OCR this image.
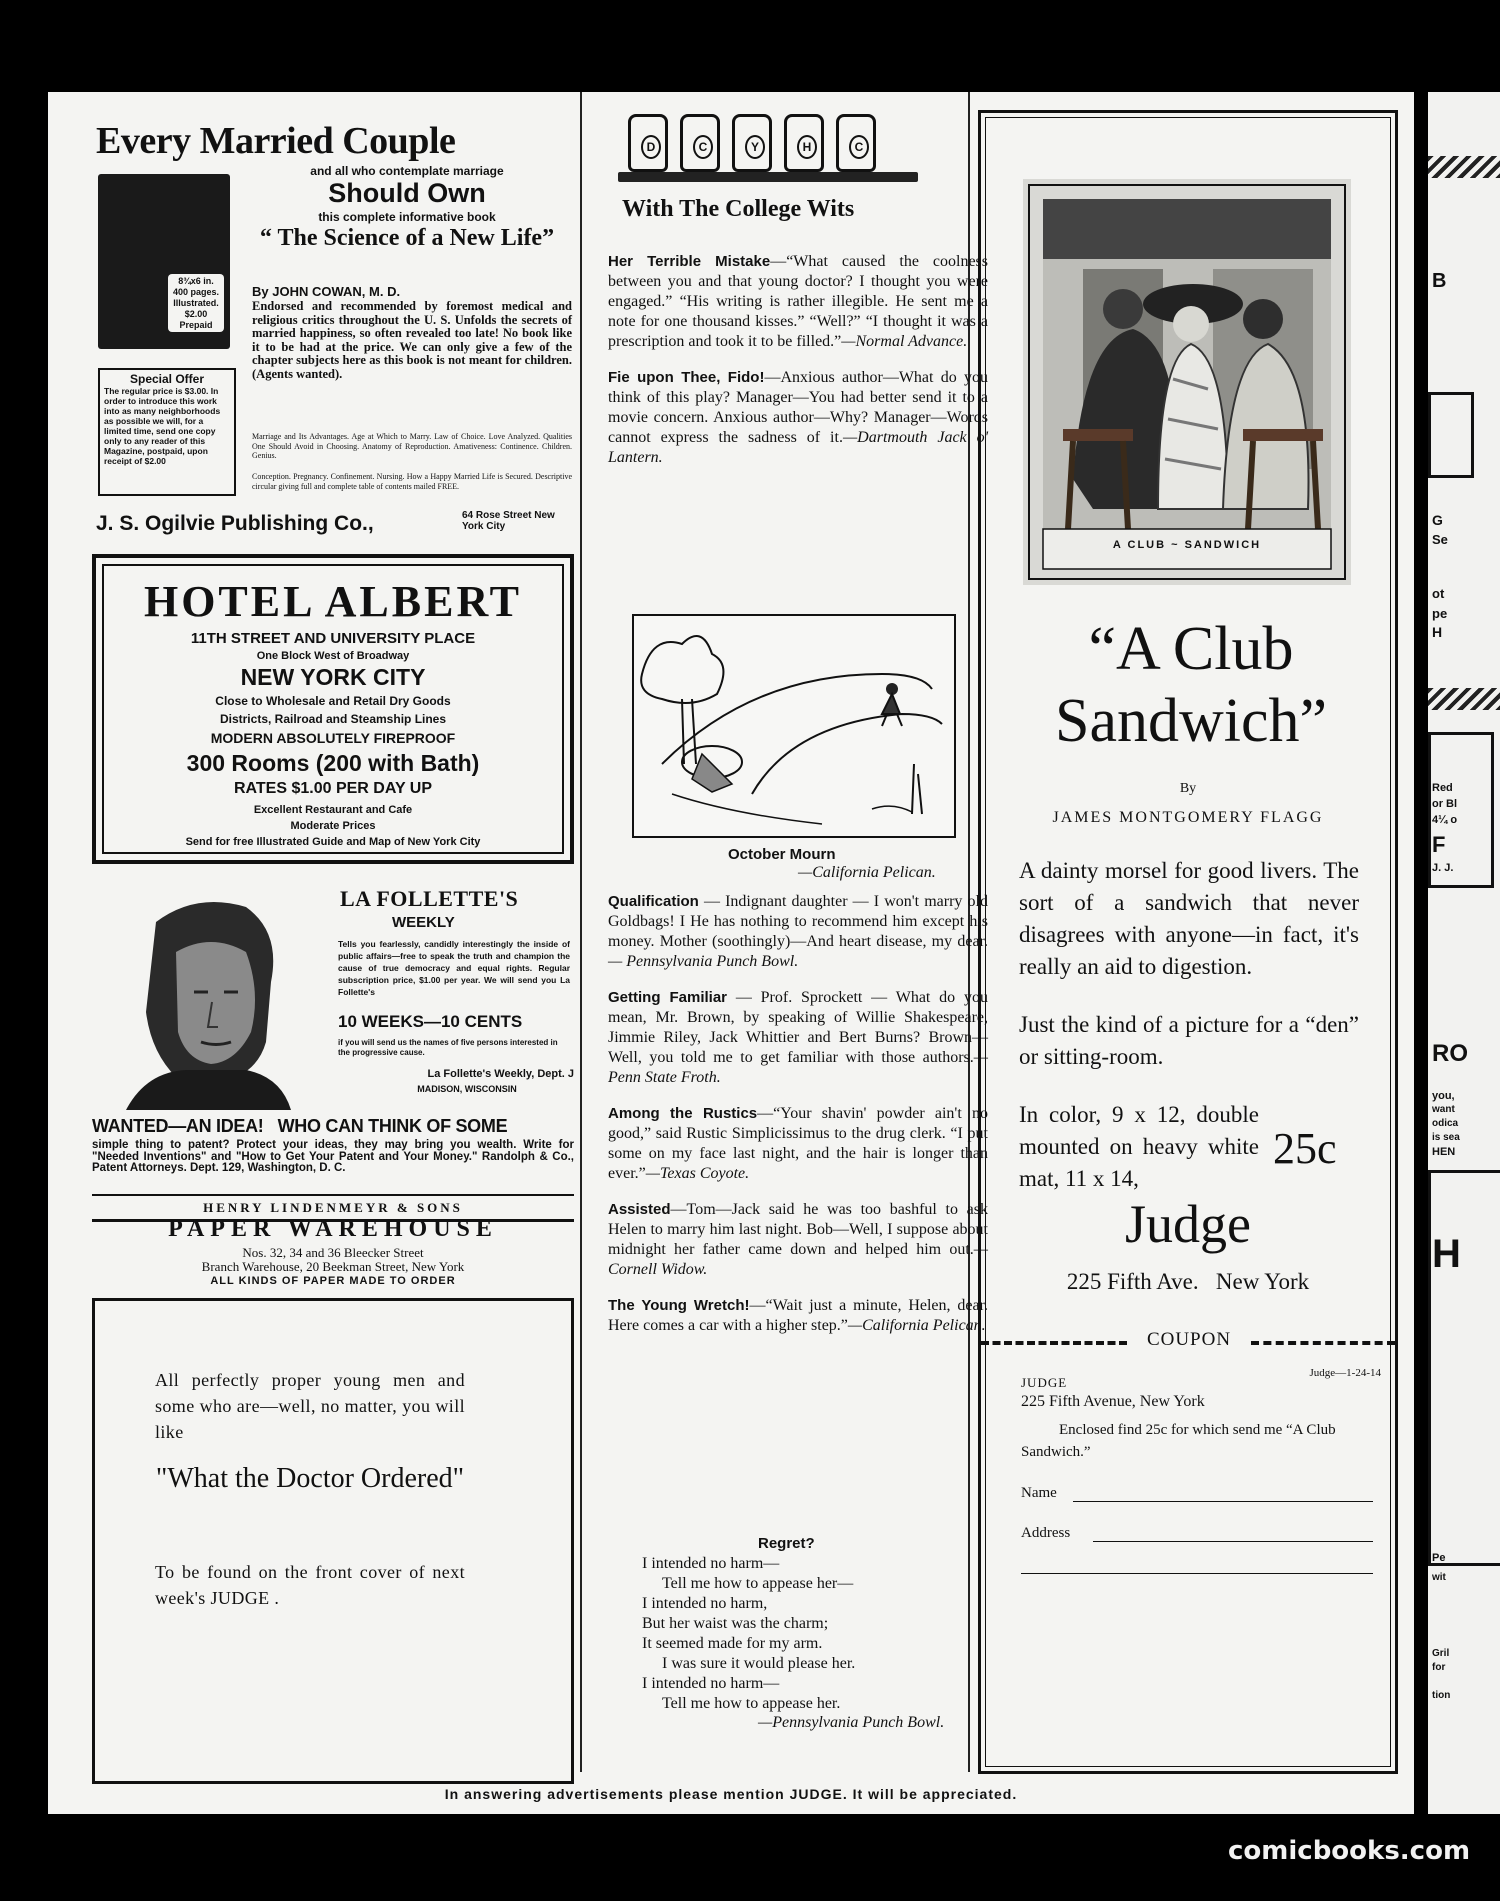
Every Married Couple
8¾x6 in. 400 pages. Illustrated. $2.00 Prepaid
and all who contemplate marriage
Should Own
this complete informative book
“ The Science of a New Life”
By JOHN COWAN, M. D.
Endorsed and recommended by foremost medical and religious critics throughout the U. S. Unfolds the secrets of married happiness, so often revealed too late! No book like it to be had at the price. We can only give a few of the chapter subjects here as this book is not meant for children. (Agents wanted).
Special Offer
The regular price is $3.00. In order to introduce this work into as many neighborhoods as possible we will, for a limited time, send one copy only to any reader of this Magazine, postpaid, upon receipt of $2.00
Marriage and Its Advantages. Age at Which to Marry. Law of Choice. Love Analyzed. Qualities One Should Avoid in Choosing. Anatomy of Reproduction. Amativeness: Continence. Children. Genius.
Conception. Pregnancy. Confinement. Nursing. How a Happy Married Life is Secured. Descriptive circular giving full and complete table of contents mailed FREE.
J. S. Ogilvie Publishing Co.,	64 Rose Street New York City
HOTEL ALBERT
11TH STREET AND UNIVERSITY PLACE
One Block West of Broadway
NEW YORK CITY
Close to Wholesale and Retail Dry Goods
Districts, Railroad and Steamship Lines
MODERN ABSOLUTELY FIREPROOF
300 Rooms (200 with Bath)
RATES $1.00 PER DAY UP
Excellent Restaurant and Cafe
Moderate Prices
Send for free Illustrated Guide and Map of New York City
LA FOLLETTE'S
WEEKLY
Tells you fearlessly, candidly interestingly the inside of public affairs—free to speak the truth and champion the cause of true democracy and equal rights. Regular subscription price, $1.00 per year. We will send you La Follette's
10 WEEKS—10 CENTS
if you will send us the names of five persons interested in the progressive cause.
La Follette's Weekly, Dept. J
MADISON, WISCONSIN
WANTED—AN IDEA!   WHO CAN THINK OF SOME
simple thing to patent? Protect your ideas, they may bring you wealth. Write for "Needed Inventions" and "How to Get Your Patent and Your Money." Randolph & Co., Patent Attorneys. Dept. 129, Washington, D. C.
HENRY LINDENMEYR & SONS
PAPER WAREHOUSE
Nos. 32, 34 and 36 Bleecker Street
Branch Warehouse, 20 Beekman Street, New York
ALL KINDS OF PAPER MADE TO ORDER
All perfectly proper young men and some who are—well, no matter, you will like
"What the Doctor Ordered"
To be found on the front cover of next week's JUDGE .
D	C	Y	H	C
With The College Wits

Her Terrible Mistake—“What caused the coolness between you and that young doctor? I thought you were engaged.” “His writing is rather illegible. He sent me a note for one thousand kisses.” “Well?” “I thought it was a prescription and took it to be filled.”—Normal Advance.

Fie upon Thee, Fido!—Anxious author—What do you think of this play? Manager—You had better send it to a movie concern. Anxious author—Why? Manager—Words cannot express the sadness of it.—Dartmouth Jack o' Lantern.

October Mourn
—California Pelican.

Qualification — Indignant daughter — I won't marry old Goldbags! I He has nothing to recommend him except his money. Mother (soothingly)—And heart disease, my dear. — Pennsylvania Punch Bowl.

Getting Familiar — Prof. Sprockett — What do you mean, Mr. Brown, by speaking of Willie Shakespeare, Jimmie Riley, Jack Whittier and Bert Burns? Brown—Well, you told me to get familiar with those authors.—Penn State Froth.

Among the Rustics—“Your shavin' powder ain't no good,” said Rustic Simplicissimus to the drug clerk. “I put some on my face last night, and the hair is longer than ever.”—Texas Coyote.

Assisted—Tom—Jack said he was too bashful to ask Helen to marry him last night. Bob—Well, I suppose about midnight her father came down and helped him out.—Cornell Widow.

The Young Wretch!—“Wait just a minute, Helen, dear. Here comes a car with a higher step.”—California Pelican.

Regret?
I intended no harm—
Tell me how to appease her—
I intended no harm,
But her waist was the charm;
It seemed made for my arm.
I was sure it would please her.
I intended no harm—
Tell me how to appease her.
—Pennsylvania Punch Bowl.
A CLUB ~ SANDWICH
“A Club Sandwich”
By
JAMES MONTGOMERY FLAGG
A dainty morsel for good livers. The sort of a sandwich that never disagrees with anyone—in fact, it's really an aid to digestion.
Just the kind of a picture for a “den” or sitting-room.
In color, 9 x 12, double mounted on heavy white mat, 11 x 14,
25c
Judge
225 Fifth Ave.   New York
COUPON
Judge—1-24-14
JUDGE
225 Fifth Avenue, New York
Enclosed find 25c for which send me “A Club Sandwich.”
Name
Address
In answering advertisements please mention JUDGE. It will be appreciated.
B
G
Se
ot
pe
H
Red
or Bl
4¼ o
F
J. J.
RO
you,
want
odica
is sea
HEN
H
Pe
wit
Gril
for
tion
comicbooks.com
